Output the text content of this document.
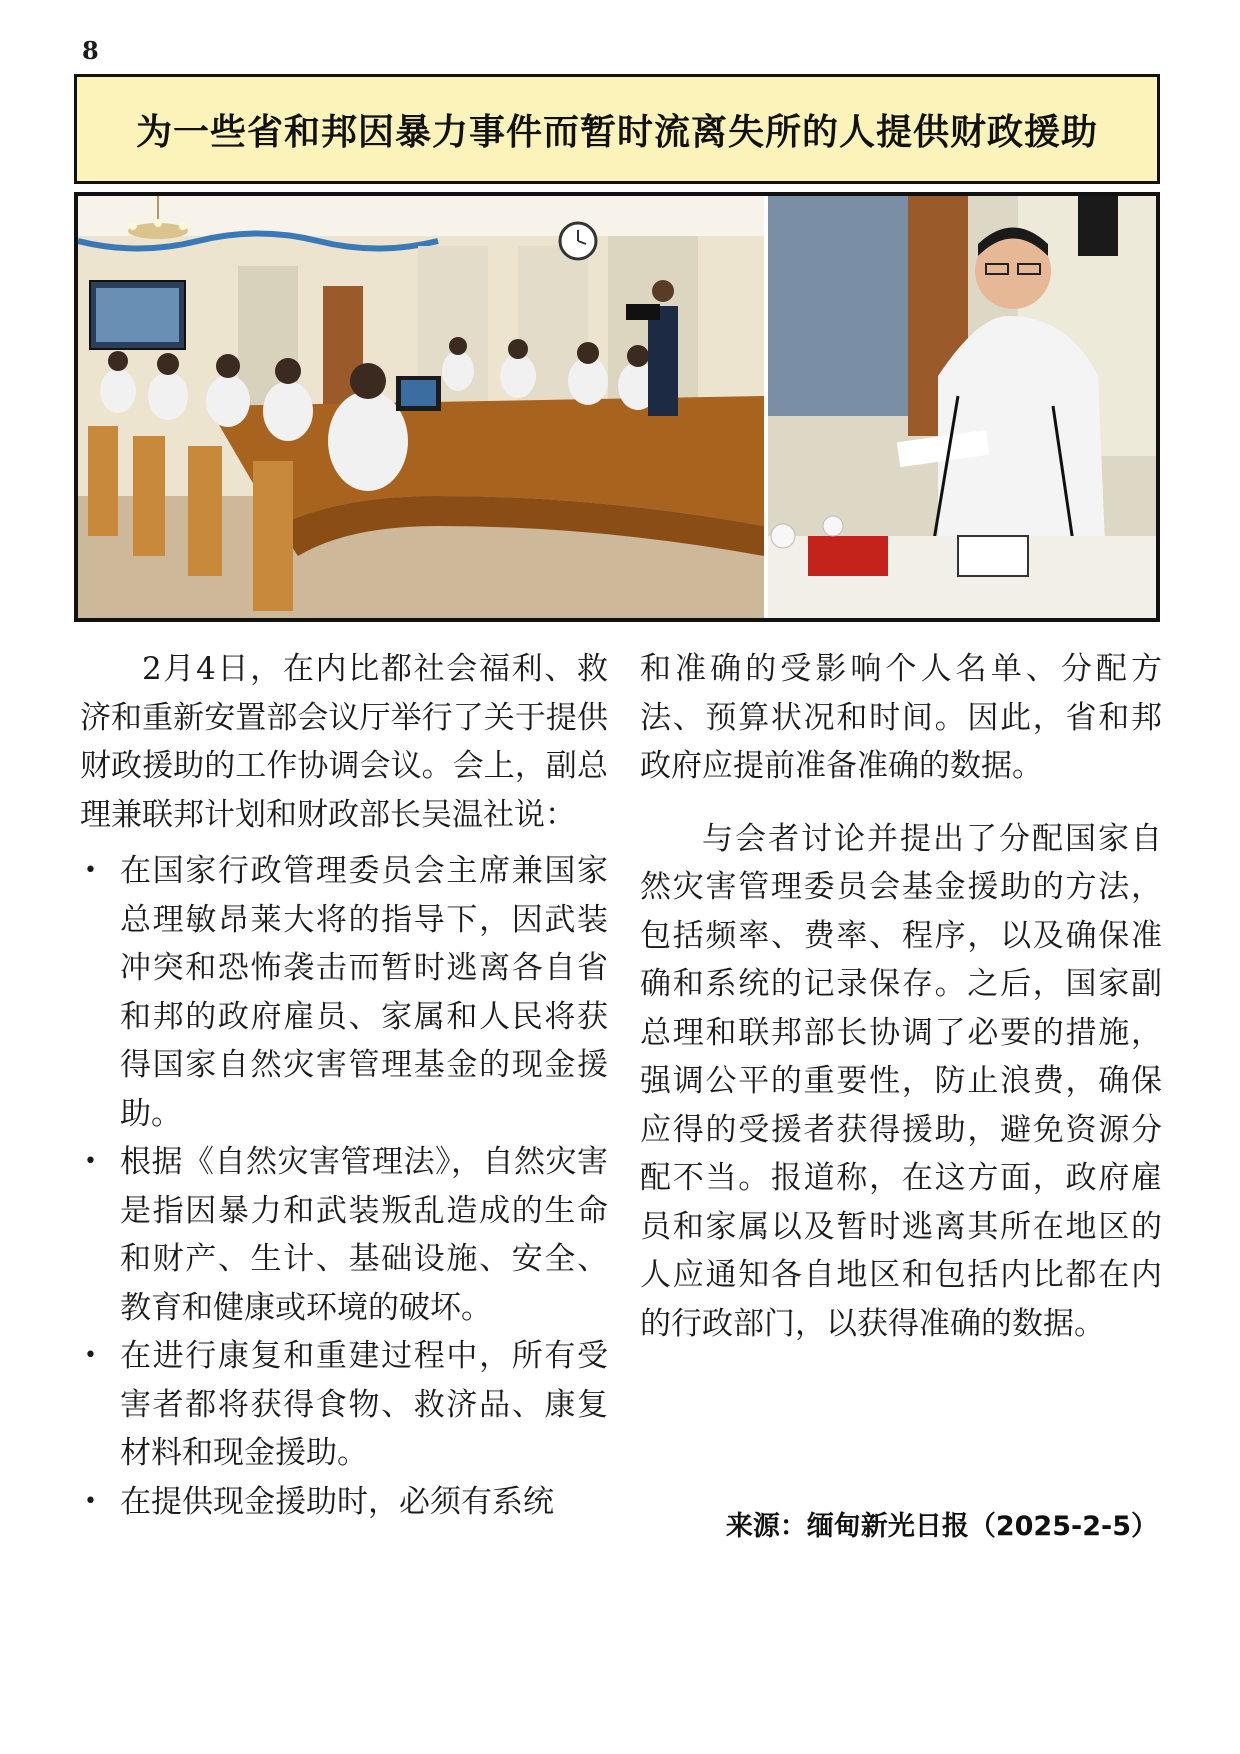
8
为一些省和邦因暴力事件而暂时流离失所的人提供财政援助

2月4日，在内比都社会福利、救济和重新安置部会议厅举行了关于提供财政援助的工作协调会议。会上，副总理兼联邦计划和财政部长吴温社说：

• 在国家行政管理委员会主席兼国家总理敏昂莱大将的指导下，因武装冲突和恐怖袭击而暂时逃离各自省和邦的政府雇员、家属和人民将获得国家自然灾害管理基金的现金援助。
• 根据《自然灾害管理法》，自然灾害是指因暴力和武装叛乱造成的生命和财产、生计、基础设施、安全、教育和健康或环境的破坏。
• 在进行康复和重建过程中，所有受害者都将获得食物、救济品、康复材料和现金援助。
• 在提供现金援助时，必须有系统

和准确的受影响个人名单、分配方法、预算状况和时间。因此，省和邦政府应提前准备准确的数据。

与会者讨论并提出了分配国家自然灾害管理委员会基金援助的方法，包括频率、费率、程序，以及确保准确和系统的记录保存。之后，国家副总理和联邦部长协调了必要的措施，强调公平的重要性，防止浪费，确保应得的受援者获得援助，避免资源分配不当。报道称，在这方面，政府雇员和家属以及暂时逃离其所在地区的人应通知各自地区和包括内比都在内的行政部门，以获得准确的数据。

来源：缅甸新光日报（2025-2-5）
